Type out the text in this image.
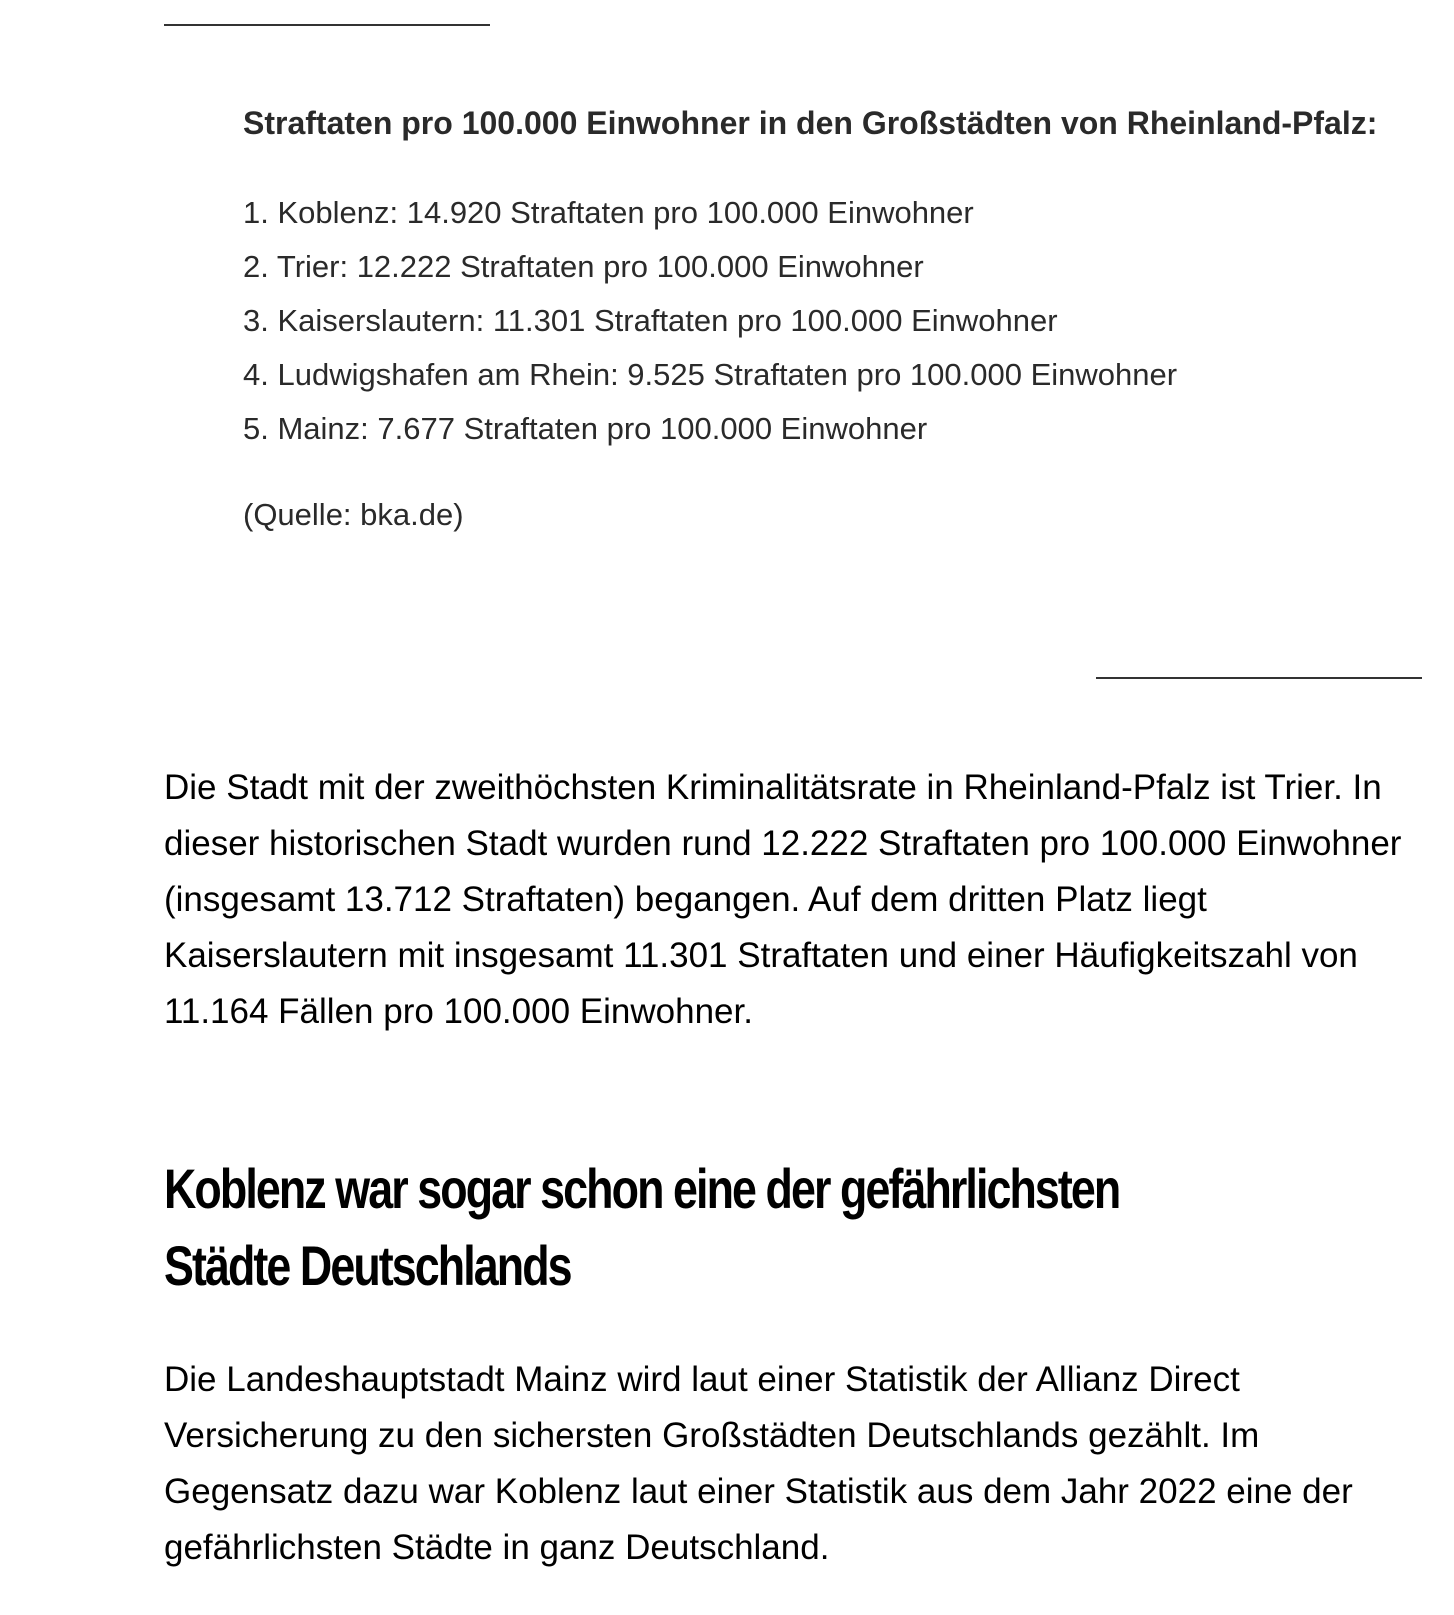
Straftaten pro 100.000 Einwohner in den Großstädten von Rheinland-Pfalz:

1. Koblenz: 14.920 Straftaten pro 100.000 Einwohner
2. Trier: 12.222 Straftaten pro 100.000 Einwohner
3. Kaiserslautern: 11.301 Straftaten pro 100.000 Einwohner
4. Ludwigshafen am Rhein: 9.525 Straftaten pro 100.000 Einwohner
5. Mainz: 7.677 Straftaten pro 100.000 Einwohner

(Quelle: bka.de)

Die Stadt mit der zweithöchsten Kriminalitätsrate in Rheinland-Pfalz ist Trier. In dieser historischen Stadt wurden rund 12.222 Straftaten pro 100.000 Einwohner (insgesamt 13.712 Straftaten) begangen. Auf dem dritten Platz liegt Kaiserslautern mit insgesamt 11.301 Straftaten und einer Häufigkeitszahl von 11.164 Fällen pro 100.000 Einwohner.

Koblenz war sogar schon eine der gefährlichsten Städte Deutschlands

Die Landeshauptstadt Mainz wird laut einer Statistik der Allianz Direct Versicherung zu den sichersten Großstädten Deutschlands gezählt. Im Gegensatz dazu war Koblenz laut einer Statistik aus dem Jahr 2022 eine der gefährlichsten Städte in ganz Deutschland.
